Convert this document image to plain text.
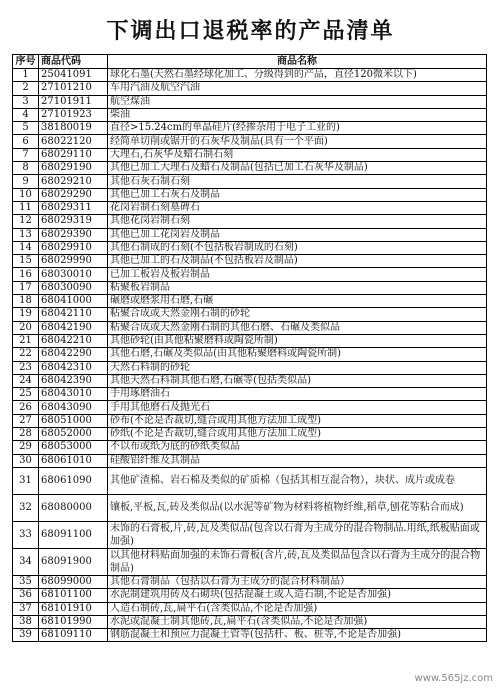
下调出口退税率的产品清单
序号	商品代码	商品名称
1	25041091	球化石墨(天然石墨经球化加工、分级得到的产品，直径120微米以下)
2	27101210	车用汽油及航空汽油
3	27101911	航空煤油
4	27101923	柴油
5	38180019	直径>15.24cm的单晶硅片(经掺杂用于电子工业的)
6	68022120	经简单切削或锯开的石灰华及制品(具有一个平面)
7	68029110	大理石,石灰华及蜡石制石刻
8	68029190	其他已加工大理石及蜡石及制品(包括已加工石灰华及制品)
9	68029210	其他石灰石制石刻
10	68029290	其他已加工石灰石及制品
11	68029311	花岗岩制石刻墓碑石
12	68029319	其他花岗岩制石刻
13	68029390	其他已加工花岗岩及制品
14	68029910	其他石制成的石刻(不包括板岩制成的石刻)
15	68029990	其他已加工的石及制品(不包括板岩及制品)
16	68030010	已加工板岩及板岩制品
17	68030090	粘聚板岩制品
18	68041000	碾磨或磨浆用石磨,石碾
19	68042110	粘聚合成或天然金刚石制的砂轮
20	68042190	粘聚合成或天然金刚石制的其他石磨、石碾及类似品
21	68042210	其他砂轮(由其他粘聚磨料或陶瓷所制)
22	68042290	其他石磨,石碾及类似品(由其他粘聚磨料或陶瓷所制)
23	68042310	天然石料制的砂轮
24	68042390	其他天然石料制其他石磨,石碾等(包括类似品)
25	68043010	手用琢磨油石
26	68043090	手用其他磨石及抛光石
27	68051000	砂布(不论是否裁切,缝合或用其他方法加工成型)
28	68052000	砂纸(不论是否裁切,缝合或用其他方法加工成型)
29	68053000	不以布或纸为底的砂纸类似品
30	68061010	硅酸铝纤维及其制品
31	68061090	其他矿渣棉、岩石棉及类似的矿质棉（包括其相互混合物），块状、成片或成卷
32	68080000	镶板,平板,瓦,砖及类似品(以水泥等矿物为材料将植物纤维,稻草,刨花等粘合而成)
33	68091100	未饰的石膏板,片,砖,瓦及类似品(包含以石膏为主成分的混合物制品.用纸,纸板贴面或加强)
34	68091900	以其他材料贴面加强的未饰石膏板(含片,砖,瓦及类似品包含以石膏为主成分的混合物制品)
35	68099000	其他石膏制品（包括以石膏为主成分的混合材料制品）
36	68101100	水泥制建筑用砖及石砌块(包括混凝土或人造石制,不论是否加强)
37	68101910	人造石制砖,瓦,扁平石(含类似品,不论是否加强)
38	68101990	水泥或混凝土制其他砖,瓦,扁平石(含类似品,不论是否加强)
39	68109110	钢筋混凝土和预应力混凝土管等(包括杆、板、桩等,不论是否加强)
www.565jz.com
